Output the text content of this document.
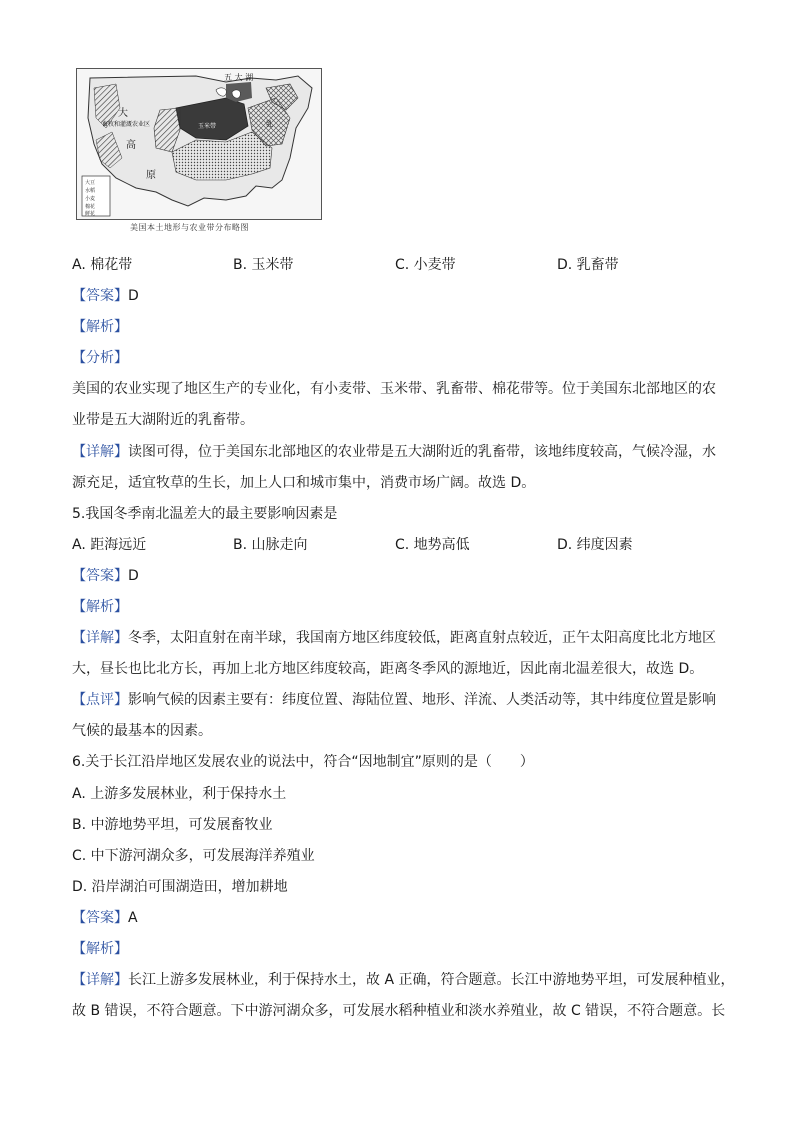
大豆
水稻
小麦
棉花
鲜花
五 大 湖
大
畜牧和灌溉农业区
高
原
玉米带	乳
美国本土地形与农业带分布略图
A. 棉花带	B. 玉米带	C. 小麦带	D. 乳畜带
【答案】D
【解析】
【分析】
美国的农业实现了地区生产的专业化，有小麦带、玉米带、乳畜带、棉花带等。位于美国东北部地区的农
业带是五大湖附近的乳畜带。
【详解】读图可得，位于美国东北部地区的农业带是五大湖附近的乳畜带，该地纬度较高，气候冷湿，水
源充足，适宜牧草的生长，加上人口和城市集中，消费市场广阔。故选 D。
5.我国冬季南北温差大的最主要影响因素是
A. 距海远近	B. 山脉走向	C. 地势高低	D. 纬度因素
【答案】D
【解析】
【详解】冬季，太阳直射在南半球，我国南方地区纬度较低，距离直射点较近，正午太阳高度比北方地区
大，昼长也比北方长，再加上北方地区纬度较高，距离冬季风的源地近，因此南北温差很大，故选 D。
【点评】影响气候的因素主要有：纬度位置、海陆位置、地形、洋流、人类活动等，其中纬度位置是影响
气候的最基本的因素。
6.关于长江沿岸地区发展农业的说法中，符合“因地制宜”原则的是（　　）
A. 上游多发展林业，利于保持水土
B. 中游地势平坦，可发展畜牧业
C. 中下游河湖众多，可发展海洋养殖业
D. 沿岸湖泊可围湖造田，增加耕地
【答案】A
【解析】
【详解】长江上游多发展林业，利于保持水土，故 A 正确，符合题意。长江中游地势平坦，可发展种植业，
故 B 错误，不符合题意。下中游河湖众多，可发展水稻种植业和淡水养殖业，故 C 错误，不符合题意。长
